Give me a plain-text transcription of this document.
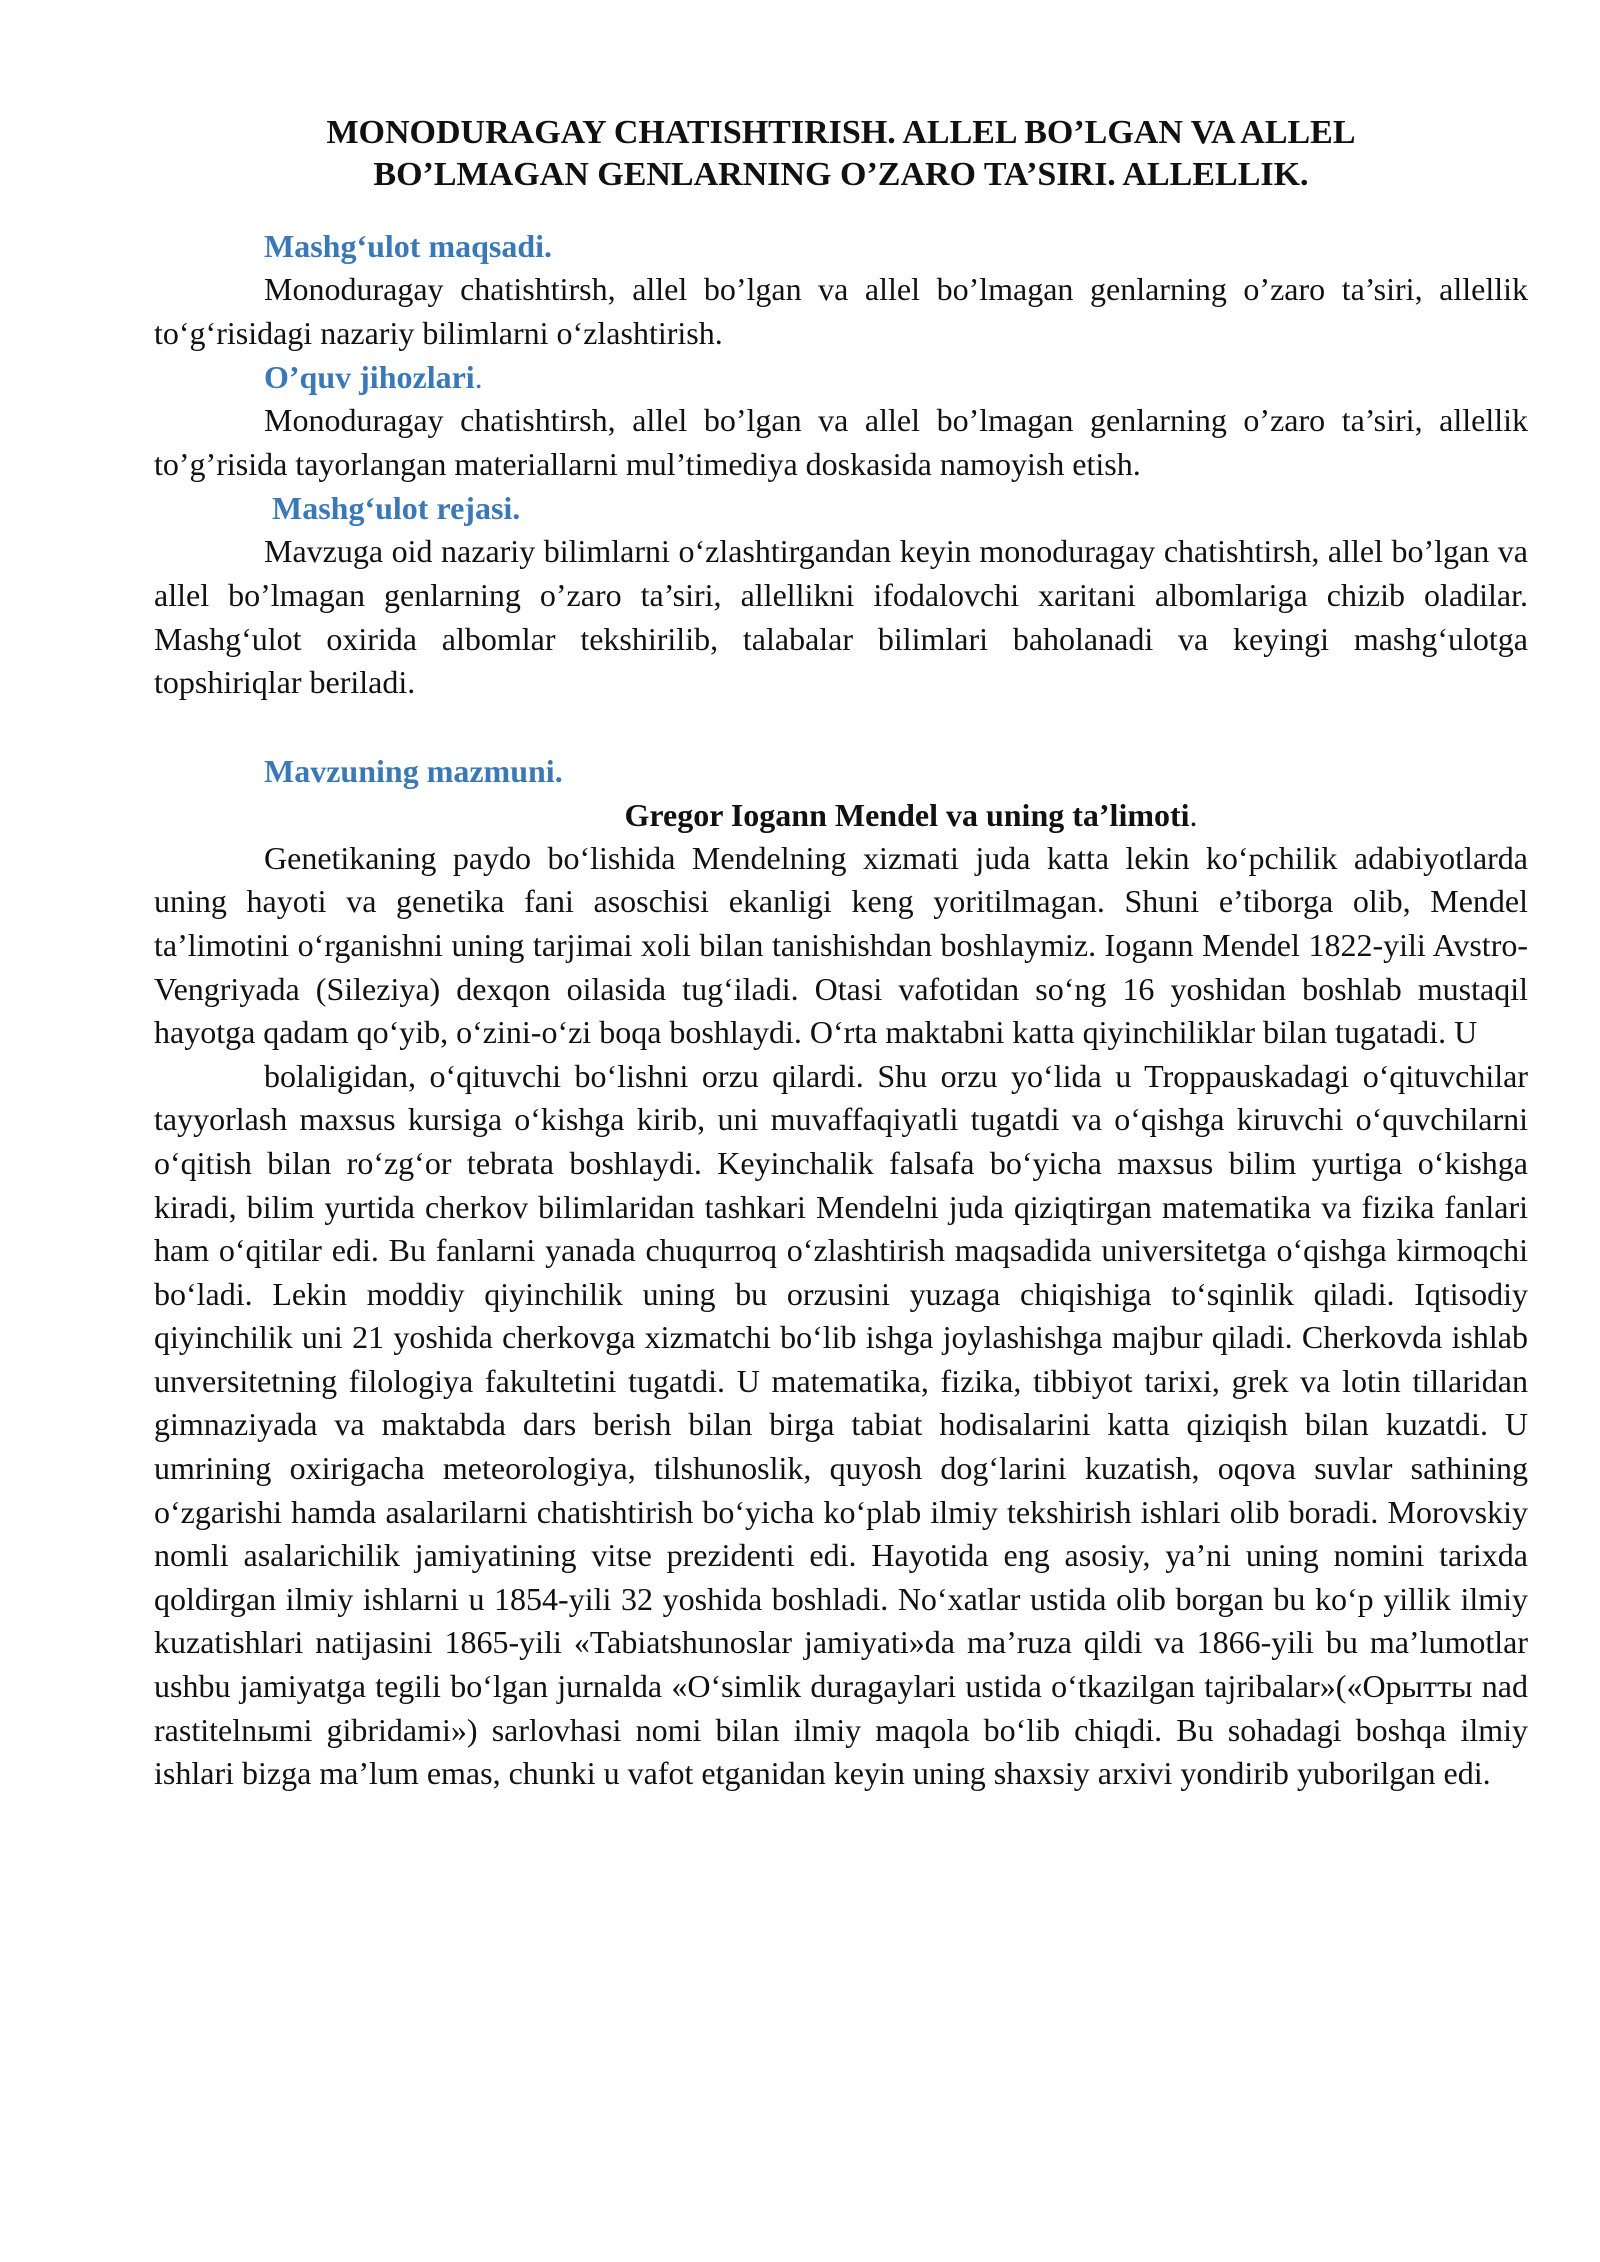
MONODURAGAY CHATISHTIRISH. ALLEL BO’LGAN VA ALLEL
BO’LMAGAN GENLARNING O’ZARO TA’SIRI. ALLELLIK.
Mashg‘ulot maqsadi.

Monoduragay chatishtirsh, allel bo’lgan va allel bo’lmagan genlarning o’zaro ta’siri, allellik to‘g‘risidagi nazariy bilimlarni o‘zlashtirish.

O’quv jihozlari.

Monoduragay chatishtirsh, allel bo’lgan va allel bo’lmagan genlarning o’zaro ta’siri, allellik to’g’risida tayorlangan materiallarni mul’timediya doskasida namoyish etish.

Mashg‘ulot rejasi.

Mavzuga oid nazariy bilimlarni o‘zlashtirgandan keyin monoduragay chatishtirsh, allel bo’lgan va allel bo’lmagan genlarning o’zaro ta’siri, allellikni ifodalovchi xaritani albomlariga chizib oladilar. Mashg‘ulot oxirida albomlar tekshirilib, talabalar bilimlari baholanadi va keyingi mashg‘ulotga topshiriqlar beriladi.

Mavzuning mazmuni.

Gregor Iogann Mendel va uning ta’limoti.

Genetikaning paydo bo‘lishida Mendelning xizmati juda katta lekin ko‘pchilik adabiyotlarda uning hayoti va genetika fani asoschisi ekanligi keng yoritilmagan. Shuni e’tiborga olib, Mendel ta’limotini o‘rganishni uning tarjimai xoli bilan tanishishdan boshlaymiz. Iogann Mendel 1822-yili Avstro-Vengriyada (Sileziya) dexqon oilasida tug‘iladi. Otasi vafotidan so‘ng 16 yoshidan boshlab mustaqil hayotga qadam qo‘yib, o‘zini-o‘zi boqa boshlaydi. O‘rta maktabni katta qiyinchiliklar bilan tugatadi. U

bolaligidan, o‘qituvchi bo‘lishni orzu qilardi. Shu orzu yo‘lida u Troppauskadagi o‘qituvchilar tayyorlash maxsus kursiga o‘kishga kirib, uni muvaffaqiyatli tugatdi va o‘qishga kiruvchi o‘quvchilarni o‘qitish bilan ro‘zg‘or tebrata boshlaydi. Keyinchalik falsafa bo‘yicha maxsus bilim yurtiga o‘kishga kiradi, bilim yurtida cherkov bilimlaridan tashkari Mendelni juda qiziqtirgan matematika va fizika fanlari ham o‘qitilar edi. Bu fanlarni yanada chuqurroq o‘zlashtirish maqsadida universitetga o‘qishga kirmoqchi bo‘ladi. Lekin moddiy qiyinchilik uning bu orzusini yuzaga chiqishiga to‘sqinlik qiladi. Iqtisodiy qiyinchilik uni 21 yoshida cherkovga xizmatchi bo‘lib ishga joylashishga majbur qiladi. Cherkovda ishlab unversitetning filologiya fakultetini tugatdi. U matematika, fizika, tibbiyot tarixi, grek va lotin tillaridan gimnaziyada va maktabda dars berish bilan birga tabiat hodisalarini katta qiziqish bilan kuzatdi. U umrining oxirigacha meteorologiya, tilshunoslik, quyosh dog‘larini kuzatish, oqova suvlar sathining o‘zgarishi hamda asalarilarni chatishtirish bo‘yicha ko‘plab ilmiy tekshirish ishlari olib boradi. Morovskiy nomli asalarichilik jamiyatining vitse prezidenti edi. Hayotida eng asosiy, ya’ni uning nomini tarixda qoldirgan ilmiy ishlarni u 1854-yili 32 yoshida boshladi. No‘xatlar ustida olib borgan bu ko‘p yillik ilmiy kuzatishlari natijasini 1865-yili «Tabiatshunoslar jamiyati»da ma’ruza qildi va 1866-yili bu ma’lumotlar ushbu jamiyatga tegili bo‘lgan jurnalda «O‘simlik duragaylari ustida o‘tkazilgan tajribalar»(«Орытты nad rastitelnыmi gibridami») sarlovhasi nomi bilan ilmiy maqola bo‘lib chiqdi. Bu sohadagi boshqa ilmiy ishlari bizga ma’lum emas, chunki u vafot etganidan keyin uning shaxsiy arxivi yondirib yuborilgan edi.
